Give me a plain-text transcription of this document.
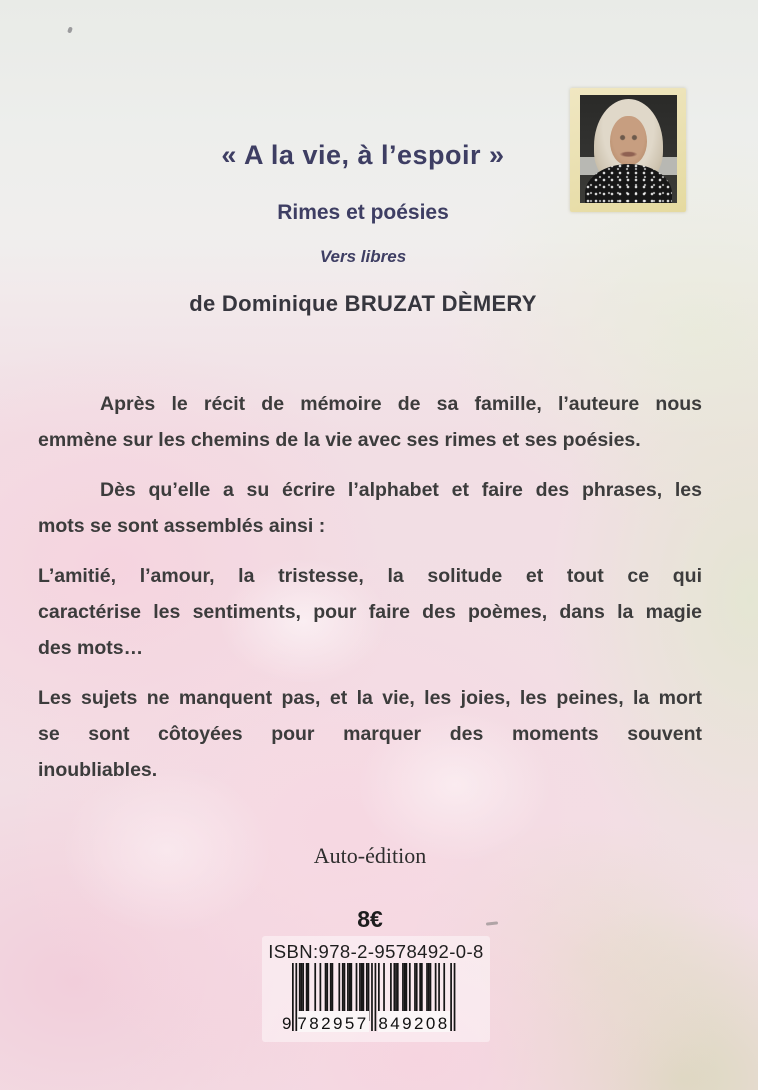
« A la vie, à l’espoir »
Rimes et poésies
Vers libres
de Dominique BRUZAT DÈMERY
Après le récit de mémoire de sa famille, l’auteure nous
emmène sur les chemins de la vie avec ses rimes et ses poésies.
Dès qu’elle a su écrire l’alphabet et faire des phrases, les
mots se sont assemblés ainsi :
L’amitié, l’amour, la tristesse, la solitude et tout ce qui
caractérise les sentiments, pour faire des poèmes, dans la magie
des mots…
Les sujets ne manquent pas, et la vie, les joies, les peines, la mort
se sont côtoyées pour marquer des moments souvent
inoubliables.
Auto-édition
8€
ISBN:978-2-9578492-0-8
9 782957 849208
